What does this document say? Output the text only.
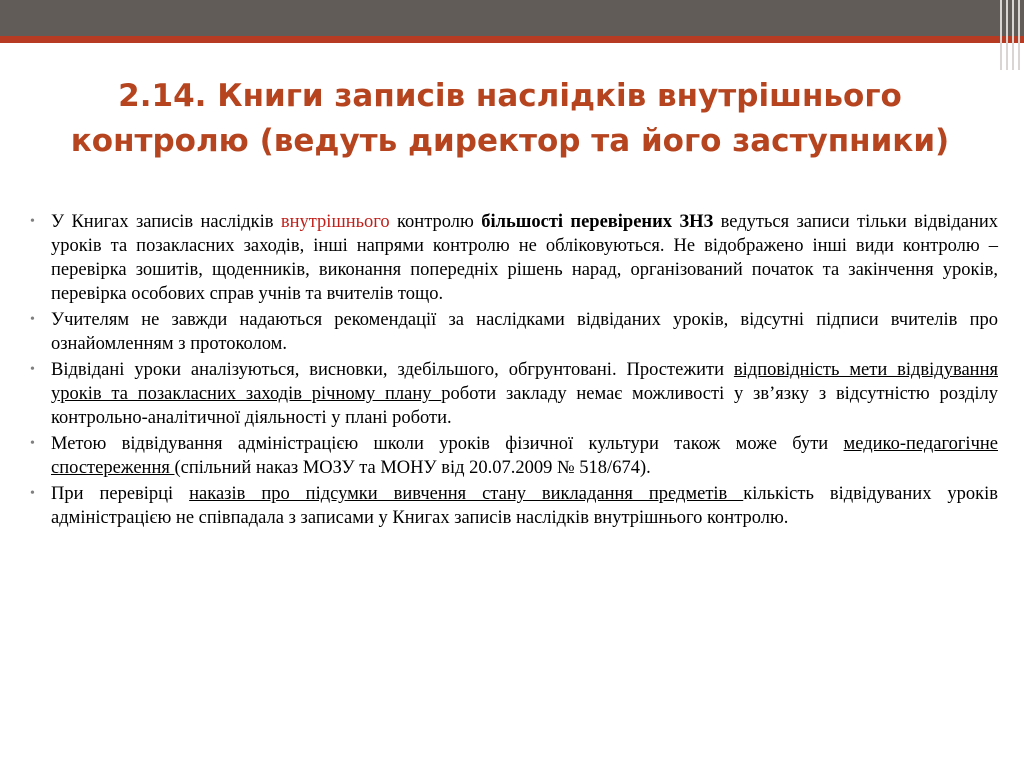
2.14. Книги записів наслідків внутрішнього контролю (ведуть директор та його заступники)
• У Книгах записів наслідків внутрішнього контролю більшості перевірених ЗНЗ ведуться записи тільки відвіданих уроків та позакласних заходів, інші напрями контролю не обліковуються. Не відображено інші види контролю – перевірка зошитів, щоденників, виконання попередніх рішень нарад, організований початок та закінчення уроків, перевірка особових справ учнів та вчителів тощо.
• Учителям не завжди надаються рекомендації за наслідками відвіданих уроків, відсутні підписи вчителів про ознайомленням з протоколом.
• Відвідані уроки аналізуються, висновки, здебільшого, обгрунтовані. Простежити відповідність мети відвідування уроків та позакласних заходів річному плану роботи закладу немає можливості у зв’язку з відсутністю розділу контрольно-аналітичної діяльності у плані роботи.
• Метою відвідування адміністрацією школи уроків фізичної культури також може бути медико-педагогічне спостереження (спільний наказ МОЗУ та МОНУ від 20.07.2009 № 518/674).
• При перевірці наказів про підсумки вивчення стану викладання предметів кількість відвідуваних уроків адміністрацією не співпадала з записами у Книгах записів наслідків внутрішнього контролю.
